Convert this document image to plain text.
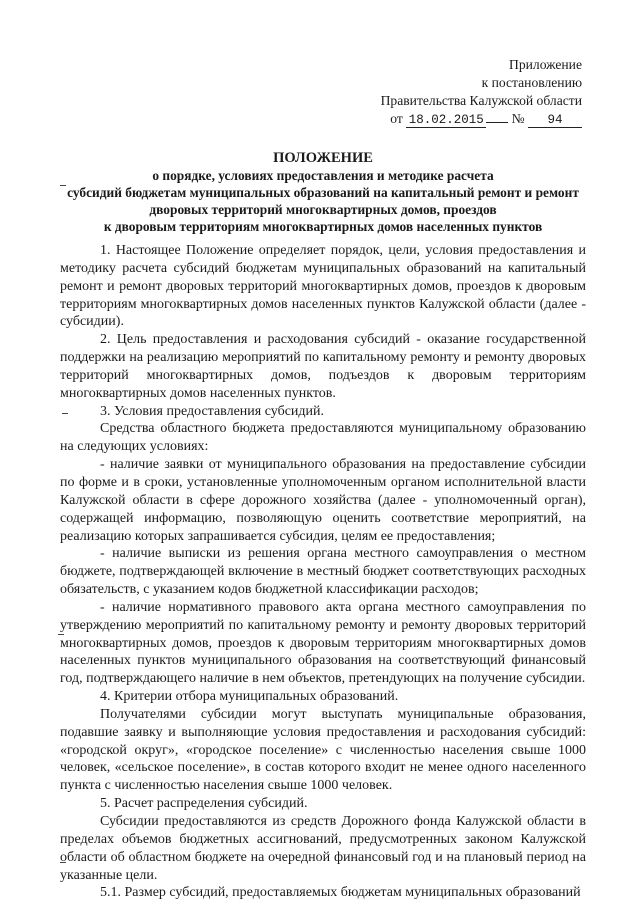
Приложение
к постановлению
Правительства Калужской области
от 18.02.2015 № 94
ПОЛОЖЕНИЕ
о порядке, условиях предоставления и методике расчета
субсидий бюджетам муниципальных образований на капитальный ремонт и ремонт
дворовых территорий многоквартирных домов, проездов
к дворовым территориям многоквартирных домов населенных пунктов

1. Настоящее Положение определяет порядок, цели, условия предоставления и методику расчета субсидий бюджетам муниципальных образований на капитальный ремонт и ремонт дворовых территорий многоквартирных домов, проездов к дворовым территориям многоквартирных домов населенных пунктов Калужской области (далее - субсидии).

2. Цель предоставления и расходования субсидий - оказание государственной поддержки на реализацию мероприятий по капитальному ремонту и ремонту дворовых территорий многоквартирных домов, подъездов к дворовым территориям многоквартирных домов населенных пунктов.

3. Условия предоставления субсидий.

Средства областного бюджета предоставляются муниципальному образованию на следующих условиях:

- наличие заявки от муниципального образования на предоставление субсидии по форме и в сроки, установленные уполномоченным органом исполнительной власти Калужской области в сфере дорожного хозяйства (далее - уполномоченный орган), содержащей информацию, позволяющую оценить соответствие мероприятий, на реализацию которых запрашивается субсидия, целям ее предоставления;

- наличие выписки из решения органа местного самоуправления о местном бюджете, подтверждающей включение в местный бюджет соответствующих расходных обязательств, с указанием кодов бюджетной классификации расходов;

- наличие нормативного правового акта органа местного самоуправления по утверждению мероприятий по капитальному ремонту и ремонту дворовых территорий многоквартирных домов, проездов к дворовым территориям многоквартирных домов населенных пунктов муниципального образования на соответствующий финансовый год, подтверждающего наличие в нем объектов, претендующих на получение субсидии.

4. Критерии отбора муниципальных образований.

Получателями субсидии могут выступать муниципальные образования, подавшие заявку и выполняющие условия предоставления и расходования субсидий: «городской округ», «городское поселение» с численностью населения свыше 1000 человек, «сельское поселение», в состав которого входит не менее одного населенного пункта с численностью населения свыше 1000 человек.

5. Расчет распределения субсидий.

Субсидии предоставляются из средств Дорожного фонда Калужской области в пределах объемов бюджетных ассигнований, предусмотренных законом Калужской области об областном бюджете на очередной финансовый год и на плановый период на указанные цели.

5.1. Размер субсидий, предоставляемых бюджетам муниципальных образований
